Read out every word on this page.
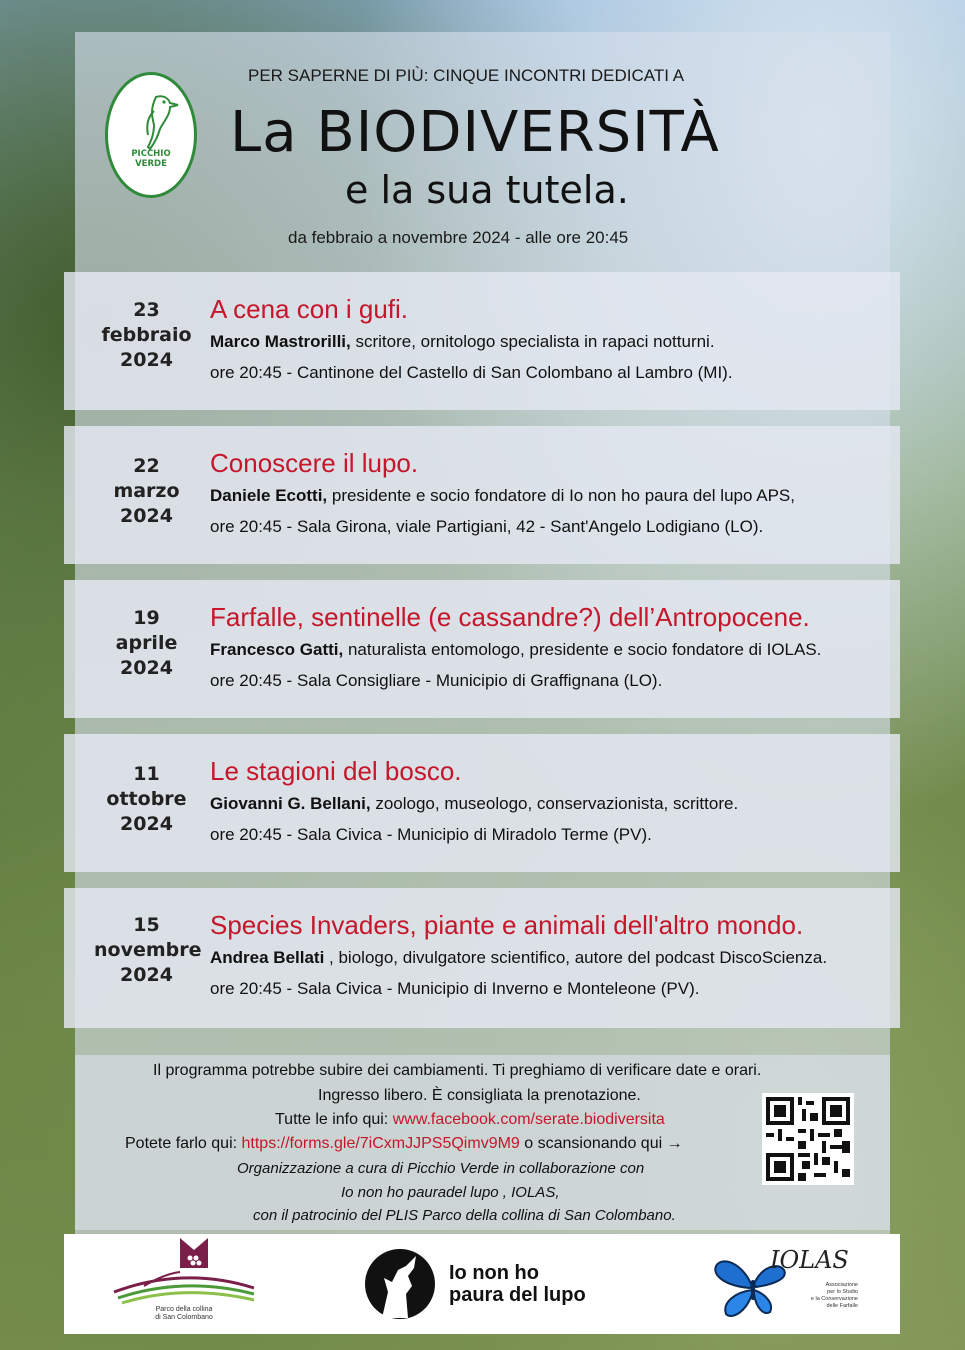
PICCHIO
VERDE
PER SAPERNE DI PIÙ: CINQUE INCONTRI DEDICATI A
La BIODIVERSITÀ
e la sua tutela.
da febbraio a novembre 2024 - alle ore 20:45
23
febbraio
2024
A cena con i gufi.
Marco Mastrorilli, scritore, ornitologo specialista in rapaci notturni.
ore 20:45 - Cantinone del Castello di San Colombano al Lambro (MI).
22
marzo
2024
Conoscere il lupo.
Daniele Ecotti, presidente e socio fondatore di Io non ho paura del lupo APS,
ore 20:45 - Sala Girona, viale Partigiani, 42 - Sant'Angelo Lodigiano (LO).
19
aprile
2024
Farfalle, sentinelle (e cassandre?) dell’Antropocene.
Francesco Gatti, naturalista entomologo, presidente e socio fondatore di IOLAS.
ore 20:45 - Sala Consigliare - Municipio di Graffignana (LO).
11
ottobre
2024
Le stagioni del bosco.
Giovanni G. Bellani, zoologo, museologo, conservazionista, scrittore.
ore 20:45 - Sala Civica - Municipio di Miradolo Terme (PV).
15
novembre
2024
Species Invaders, piante e animali dell'altro mondo.
Andrea Bellati , biologo, divulgatore scientifico, autore del podcast DiscoScienza.
ore 20:45 - Sala Civica - Municipio di Inverno e Monteleone (PV).
Il programma potrebbe subire dei cambiamenti. Ti preghiamo di verificare date e orari.
Ingresso libero. È consigliata la prenotazione.
Tutte le info qui: www.facebook.com/serate.biodiversita
Potete farlo qui: https://forms.gle/7iCxmJJPS5Qimv9M9 o scansionando qui →
Organizzazione a cura di Picchio Verde in collaborazione con
Io non ho pauradel lupo , IOLAS,
con il patrocinio del PLIS Parco della collina di San Colombano.
Parco della collina
di San Colombano
Io non ho
paura del lupo
IOLAS
Associazione
per lo Studio
e la Conservazione
delle Farfalle
